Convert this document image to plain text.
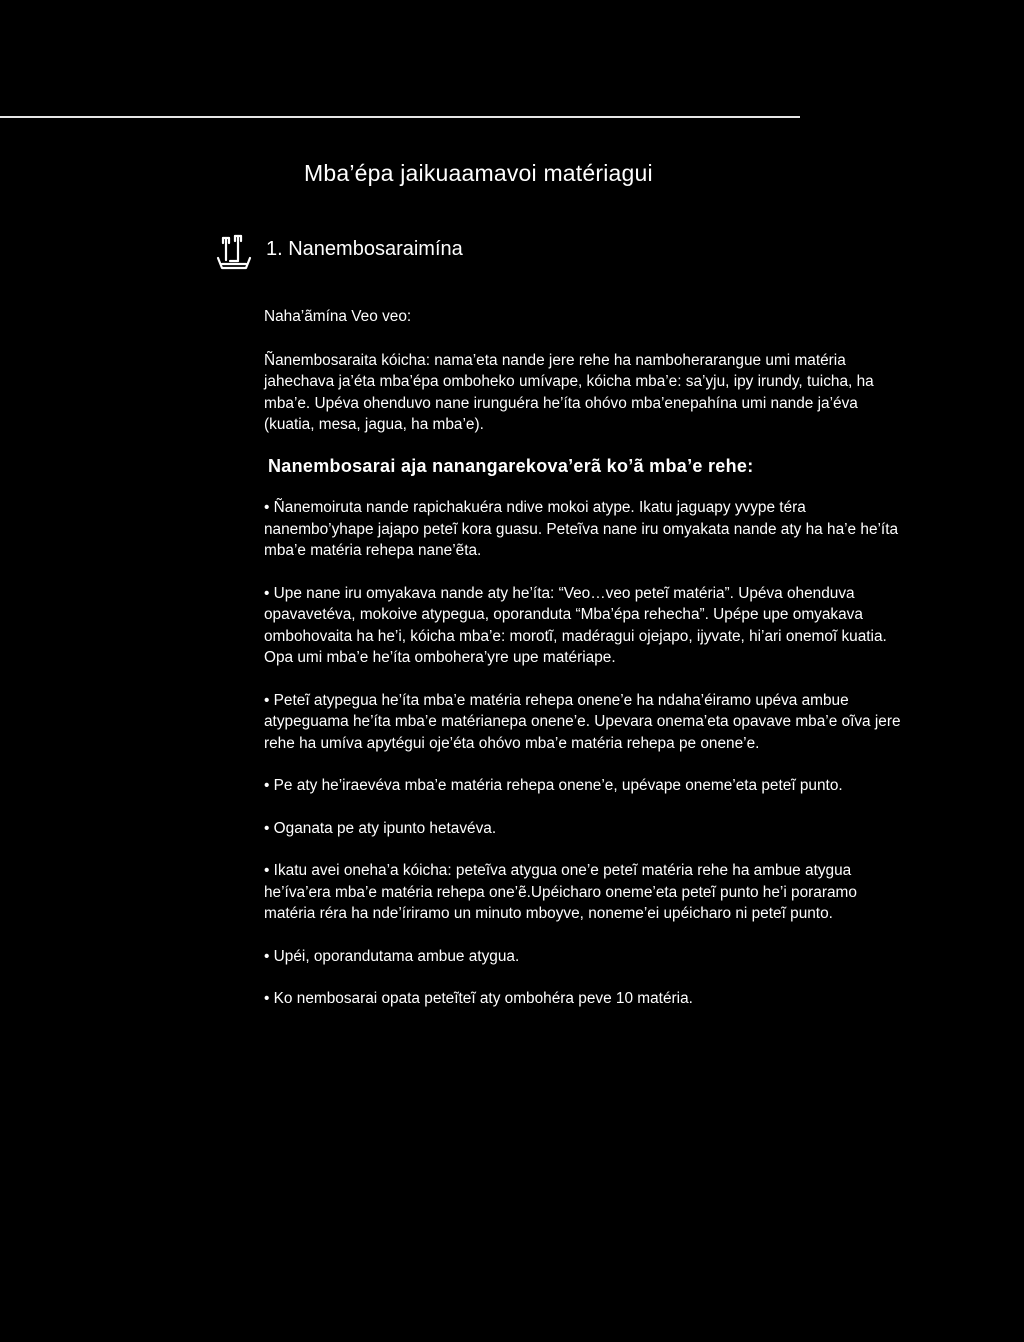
Mba’épa jaikuaamavoi matériagui
1. Nanembosaraimína

Naha’ãmína Veo veo:

Ñanembosaraita kóicha: nama’eta nande jere rehe ha namboherarangue umi matéria jahechava ja’éta mba’épa omboheko umívape, kóicha mba’e: sa’yju, ipy irundy, tuicha, ha mba’e. Upéva ohenduvo nane irunguéra he’íta ohóvo mba’enepahína umi nande ja’éva (kuatia, mesa, jagua, ha mba’e).

Nanembosarai aja nanangarekova’erã ko’ã mba’e rehe:

• Ñanemoiruta nande rapichakuéra ndive mokoi atype. Ikatu jaguapy yvype téra nanembo’yhape jajapo peteĩ kora guasu. Peteĩva nane iru omyakata nande aty ha ha’e he’íta mba’e matéria rehepa nane’ẽta.

• Upe nane iru omyakava nande aty he’íta: “Veo…veo peteĩ matéria”. Upéva ohenduva opavavetéva, mokoive atypegua, oporanduta “Mba’épa rehecha”. Upépe upe omyakava ombohovaita ha he’i, kóicha mba’e: morotĩ, madéragui ojejapo, ijyvate, hi’ari onemoĩ kuatia. Opa umi mba’e he’íta ombohera’yre upe matériape.

• Peteĩ atypegua he’íta mba’e matéria rehepa onene’e ha ndaha’éiramo upéva ambue atypeguama he’íta mba’e matérianepa onene’e. Upevara onema’eta opavave mba’e oĩva jere rehe ha umíva apytégui oje’éta ohóvo mba’e matéria rehepa pe onene’e.

• Pe aty he’iraevéva mba’e matéria rehepa onene’e, upévape oneme’eta peteĩ punto.

• Oganata pe aty ipunto hetavéva.

• Ikatu avei oneha’a kóicha: peteĩva atygua one’e peteĩ matéria rehe ha ambue atygua he’íva’era mba’e matéria rehepa one’ẽ.Upéicharo oneme’eta peteĩ punto he’i poraramo matéria réra ha nde’íriramo un minuto mboyve, noneme’ei upéicharo ni peteĩ punto.

• Upéi, oporandutama ambue atygua.

• Ko nembosarai opata peteĩteĩ aty ombohéra peve 10 matéria.
